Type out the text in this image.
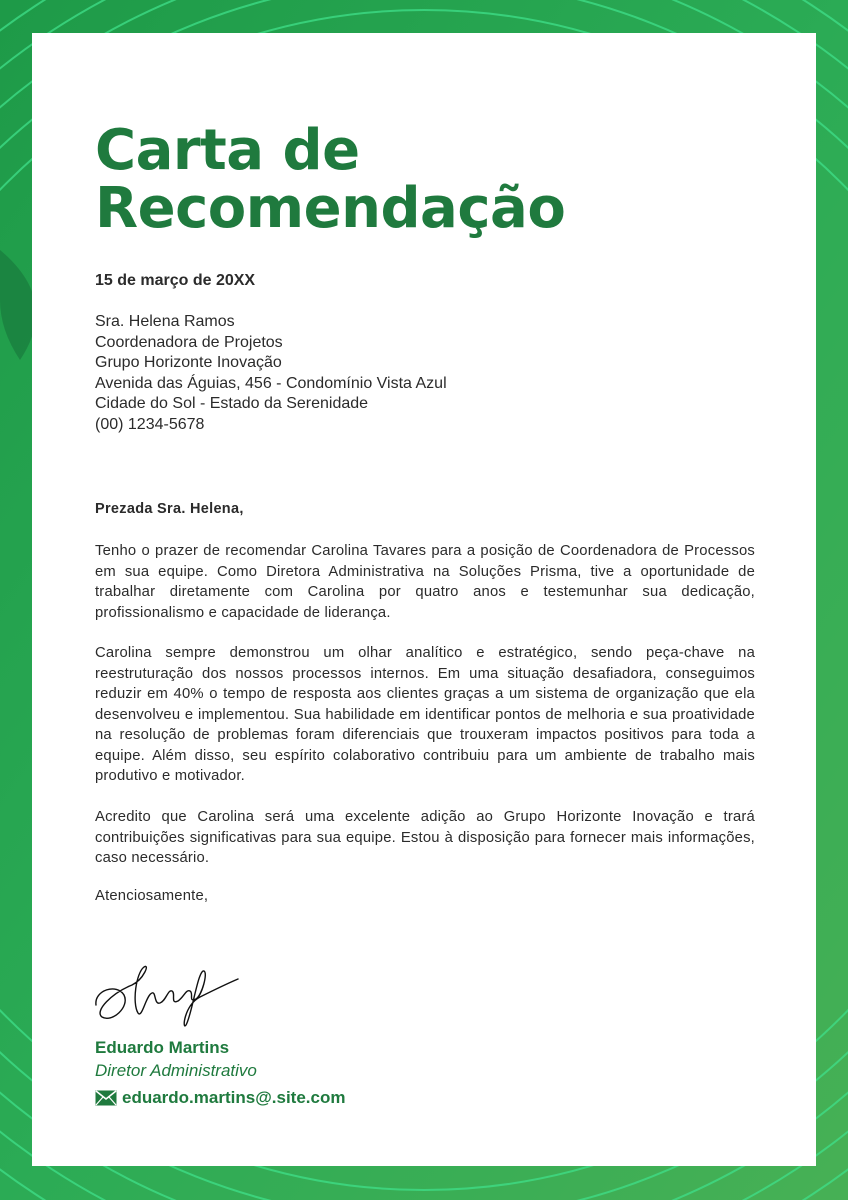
Carta de
Recomendação

15 de março de 20XX

Sra. Helena Ramos
Coordenadora de Projetos
Grupo Horizonte Inovação
Avenida das Águias, 456 - Condomínio Vista Azul
Cidade do Sol - Estado da Serenidade
(00) 1234-5678

Prezada Sra. Helena,

Tenho o prazer de recomendar Carolina Tavares para a posição de Coordenadora de Processos em sua equipe. Como Diretora Administrativa na Soluções Prisma, tive a oportunidade de trabalhar diretamente com Carolina por quatro anos e testemunhar sua dedicação, profissionalismo e capacidade de liderança.

Carolina sempre demonstrou um olhar analítico e estratégico, sendo peça-chave na reestruturação dos nossos processos internos. Em uma situação desafiadora, conseguimos reduzir em 40% o tempo de resposta aos clientes graças a um sistema de organização que ela desenvolveu e implementou. Sua habilidade em identificar pontos de melhoria e sua proatividade na resolução de problemas foram diferenciais que trouxeram impactos positivos para toda a equipe. Além disso, seu espírito colaborativo contribuiu para um ambiente de trabalho mais produtivo e motivador.

Acredito que Carolina será uma excelente adição ao Grupo Horizonte Inovação e trará contribuições significativas para sua equipe. Estou à disposição para fornecer mais informações, caso necessário.

Atenciosamente,

Eduardo Martins

Diretor Administrativo

eduardo.martins@.site.com
